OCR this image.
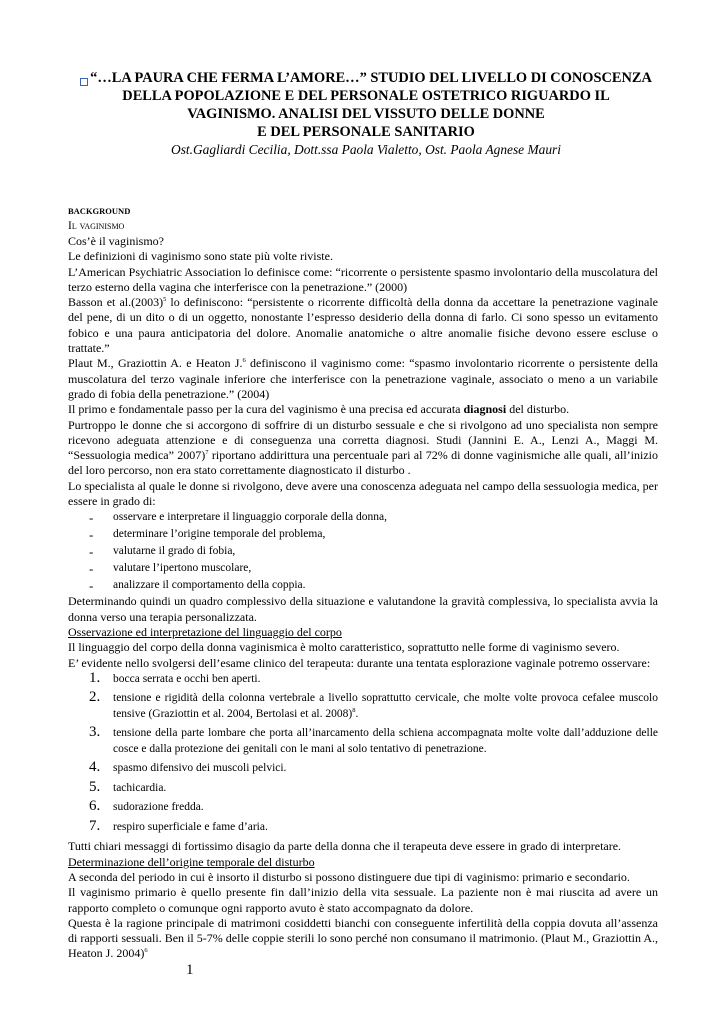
“…LA PAURA CHE FERMA L’AMORE…” STUDIO DEL LIVELLO DI CONOSCENZA
DELLA POPOLAZIONE E DEL PERSONALE OSTETRICO RIGUARDO IL
VAGINISMO. ANALISI DEL VISSUTO DELLE DONNE
E DEL PERSONALE SANITARIO
Ost.Gagliardi Cecilia, Dott.ssa Paola Vialetto, Ost. Paola Agnese Mauri
BACKGROUND
Il vaginismo

Cos’è il vaginismo?

Le definizioni di vaginismo sono state più volte riviste.

L’American Psychiatric Association lo definisce come: “ricorrente o persistente spasmo involontario della muscolatura del terzo esterno della vagina che interferisce con la penetrazione.” (2000)

Basson et $al.(2003)^5$ lo definiscono: “persistente o ricorrente difficoltà della donna da accettare la penetrazione vaginale del pene, di un dito o di un oggetto, nonostante l’espresso desiderio della donna di farlo. Ci sono spesso un evitamento fobico e una paura anticipatoria del dolore. Anomalie anatomiche o altre anomalie fisiche devono essere escluse o trattate.”

Plaut M., Graziottin A. e Heaton J.$^6$ definiscono il vaginismo come: “spasmo involontario ricorrente o persistente della muscolatura del terzo vaginale inferiore che interferisce con la penetrazione vaginale, associato o meno a un variabile grado di fobia della penetrazione.” (2004)

Il primo e fondamentale passo per la cura del vaginismo è una precisa ed accurata diagnosi del disturbo.

Purtroppo le donne che si accorgono di soffrire di un disturbo sessuale e che si rivolgono ad uno specialista non sempre ricevono adeguata attenzione e di conseguenza una corretta diagnosi. Studi (Jannini E. A., Lenzi A., Maggi M. “Sessuologia medica” 2007)$^7$ riportano addirittura una percentuale pari al 72% di donne vaginismiche alle quali, all’inizio del loro percorso, non era stato correttamente diagnosticato il disturbo .

Lo specialista al quale le donne si rivolgono, deve avere una conoscenza adeguata nel campo della sessuologia medica, per essere in grado di:

- osservare e interpretare il linguaggio corporale della donna,
- determinare l’origine temporale del problema,
- valutarne il grado di fobia,
- valutare l’ipertono muscolare,
- analizzare il comportamento della coppia.

Determinando quindi un quadro complessivo della situazione e valutandone la gravità complessiva, lo specialista avvia la donna verso una terapia personalizzata.

Osservazione ed interpretazione del linguaggio del corpo

Il linguaggio del corpo della donna vaginismica è molto caratteristico, soprattutto nelle forme di vaginismo severo.

E’ evidente nello svolgersi dell’esame clinico del terapeuta: durante una tentata esplorazione vaginale potremo osservare:

1. bocca serrata e occhi ben aperti.
2. tensione e rigidità della colonna vertebrale a livello soprattutto cervicale, che molte volte provoca cefalee muscolo tensive (Graziottin et al. 2004, Bertolasi et al. 2008)$^8$.
3. tensione della parte lombare che porta all’inarcamento della schiena accompagnata molte volte dall’adduzione delle cosce e dalla protezione dei genitali con le mani al solo tentativo di penetrazione.
4. spasmo difensivo dei muscoli pelvici.
5. tachicardia.
6. sudorazione fredda.
7. respiro superficiale e fame d’aria.

Tutti chiari messaggi di fortissimo disagio da parte della donna che il terapeuta deve essere in grado di interpretare.

Determinazione dell’origine temporale del disturbo

A seconda del periodo in cui è insorto il disturbo si possono distinguere due tipi di vaginismo: primario e secondario.

Il vaginismo primario è quello presente fin dall’inizio della vita sessuale. La paziente non è mai riuscita ad avere un rapporto completo o comunque ogni rapporto avuto è stato accompagnato da dolore.

Questa è la ragione principale di matrimoni cosiddetti bianchi con conseguente infertilità della coppia dovuta all’assenza di rapporti sessuali. Ben il 5-7% delle coppie sterili lo sono perché non consumano il matrimonio. (Plaut M., Graziottin A., Heaton J. 2004)$^6$

1
